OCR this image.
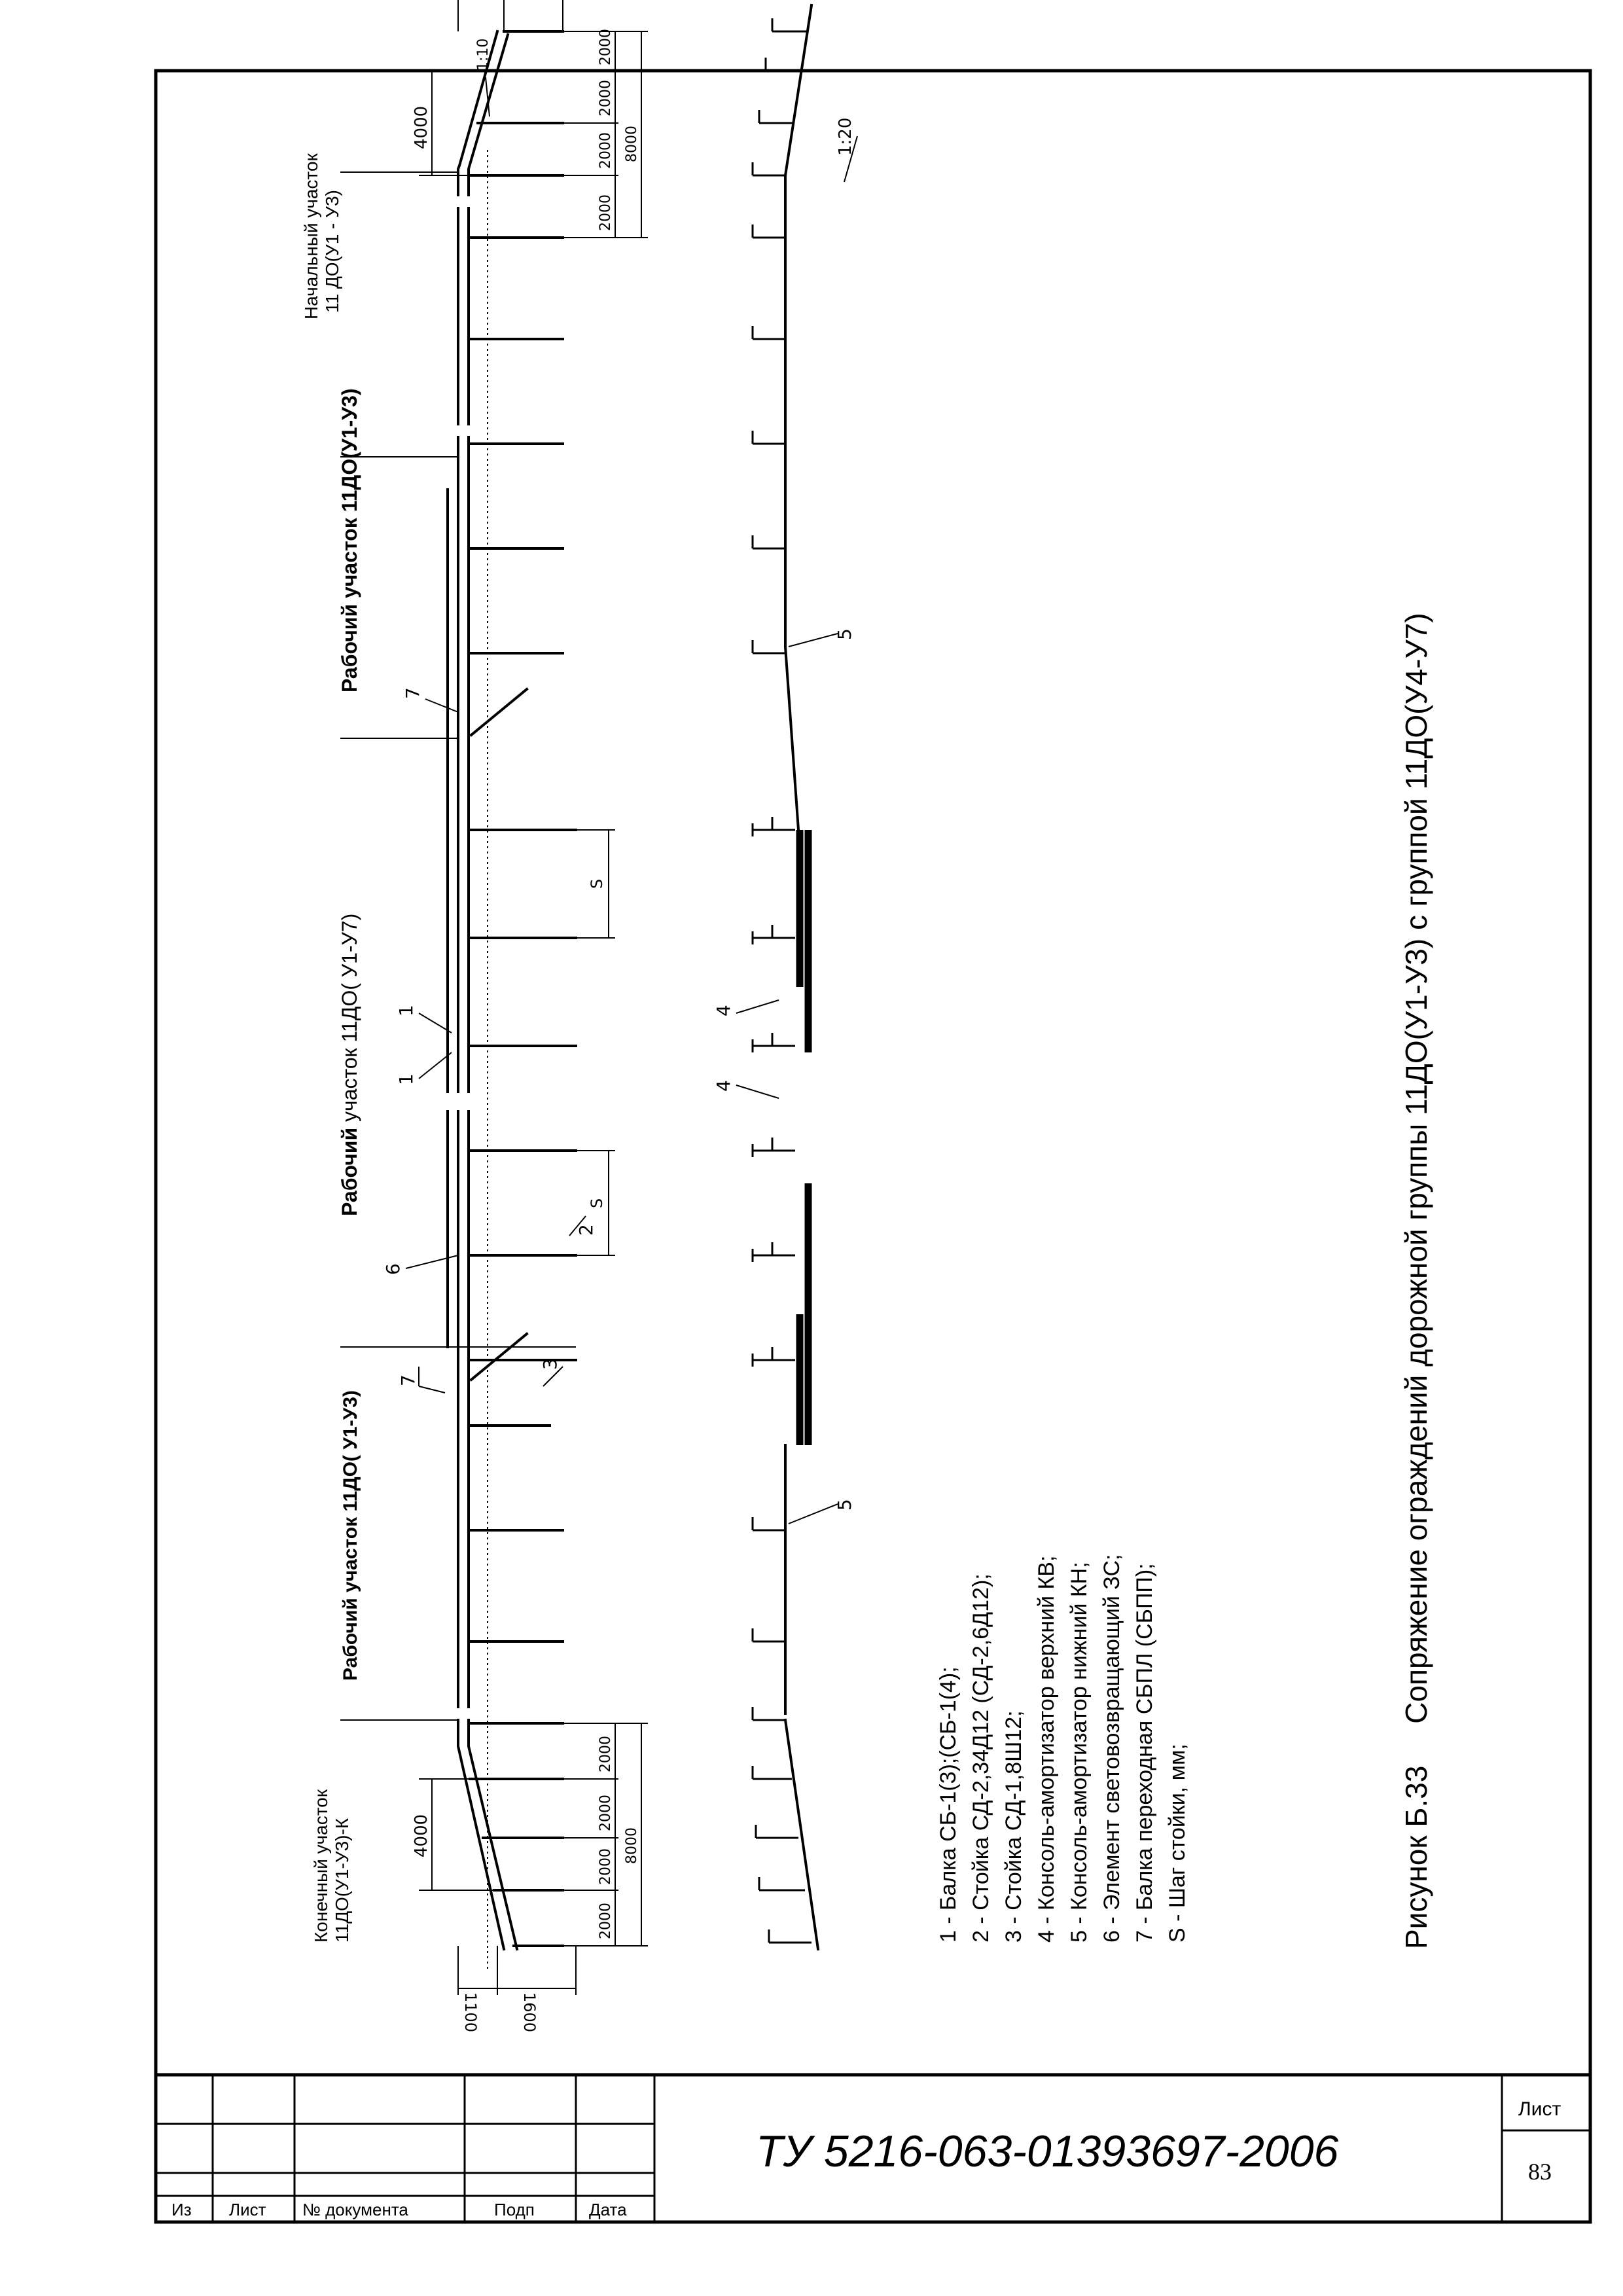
2000
2000
2000
2000
8000
4000
2000
2000
2000
2000
8000
4000
1100	1600
S
S
1:10
7
3
2
6
1
1
7
Конечный участок 11ДО(У1-У3)-К
Рабочий участок 11ДО( У1-У3)
Рабочий участок 11ДО( У1-У7)
Рабочий участок 11ДО(У1-У3)
Начальный участок 11 ДО(У1 - У3)
5
4
4
5
1:20
1 - Балка СБ-1(3);(СБ-1(4); 2 - Стойка СД-2,34Д12 (СД-2,6Д12); 3 - Стойка СД-1,8Ш12; 4 - Консоль-амортизатор верхний КВ; 5 - Консоль-амортизатор нижний КН; 6 - Элемент световозвращающий ЗС; 7 - Балка переходная СБПЛ (СБПП); S - Шаг стойки, мм;	Рисунок Б.33     Сопряжение ограждений дорожной группы 11ДО(У1-У3) с группой 11ДО(У4-У7)
Из Лист № документа	Подп	Дата
ТУ 5216-063-01393697-2006
Лист
83
